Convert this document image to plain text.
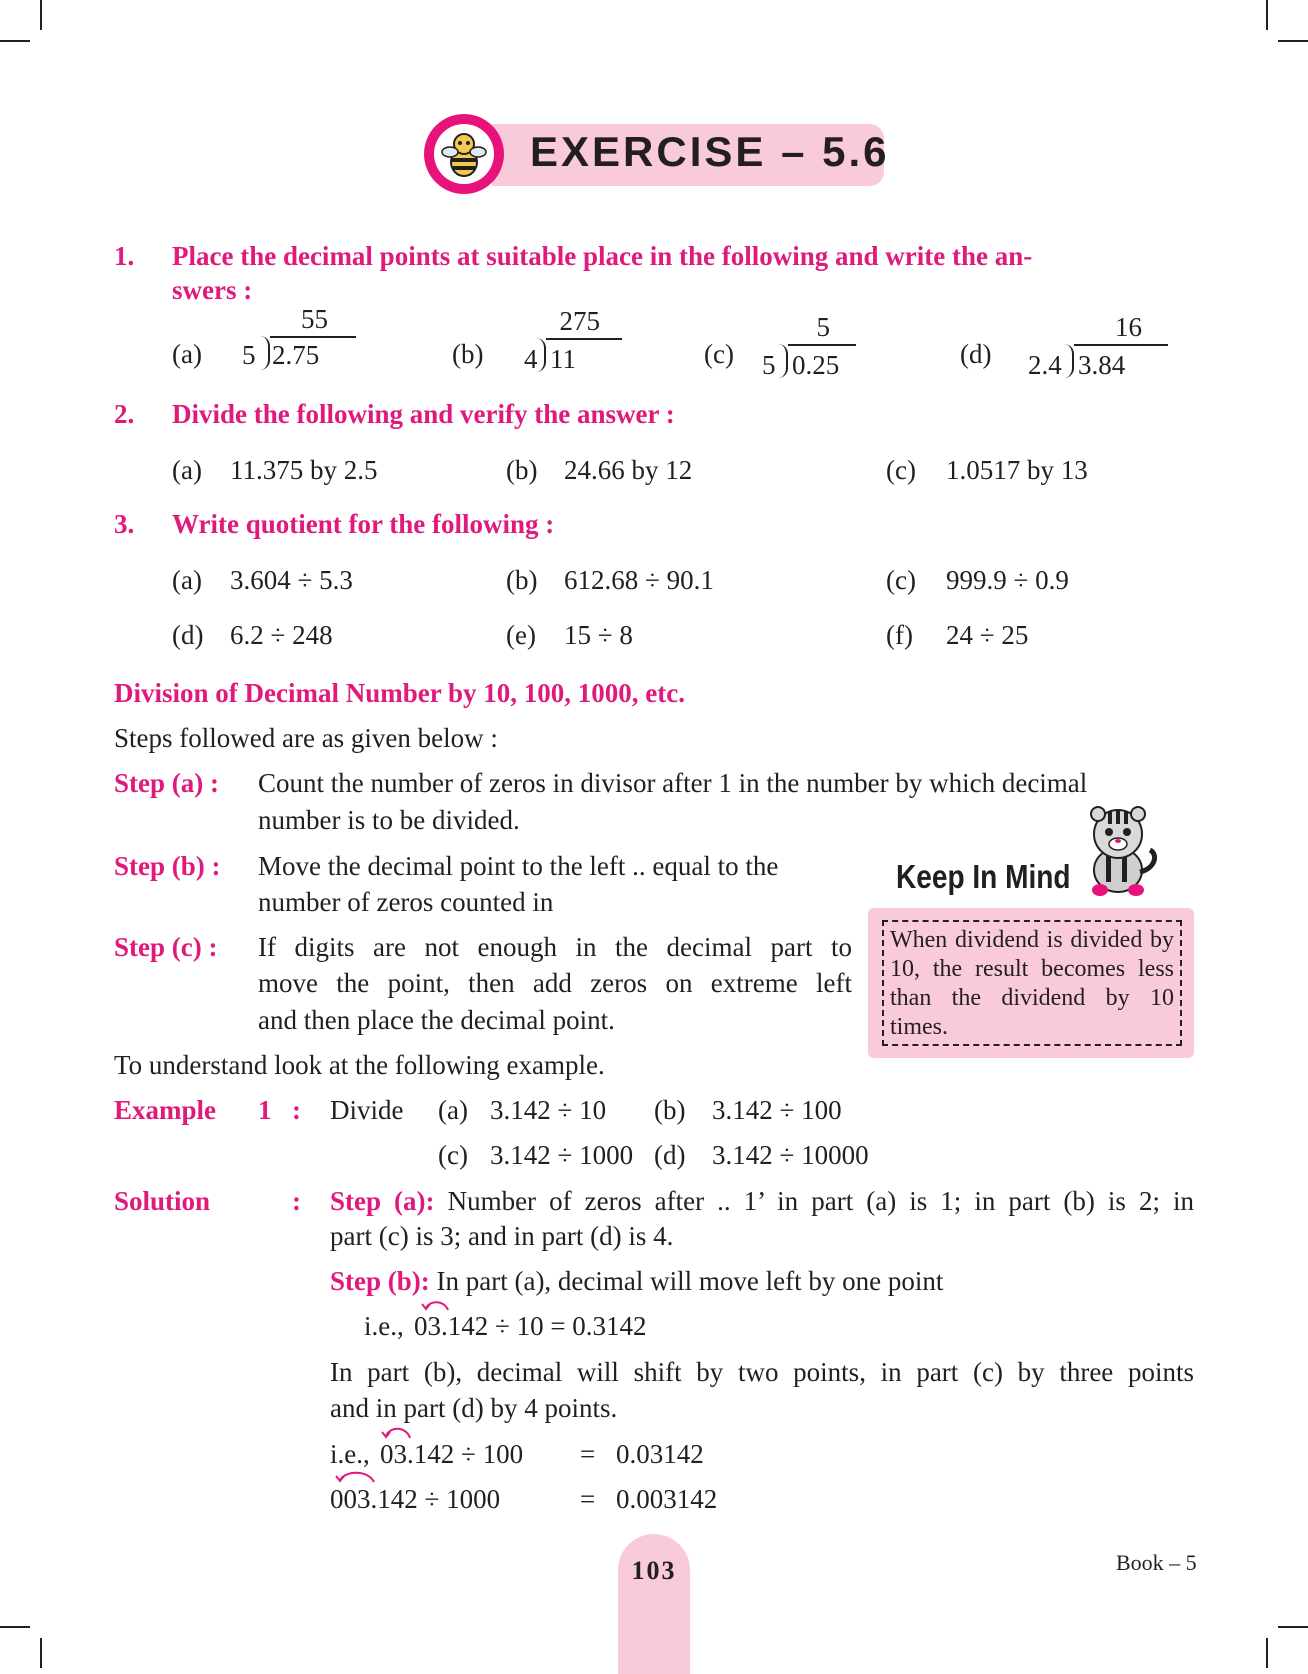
EXERCISE – 5.6
1. Place the decimal points at suitable place in the following and write the an-
swers :
(a)
55
5 2.75	(b)
275
4 11	(c)
5
5 0.25	(d)
16
2.4 3.84
2. Divide the following and verify the answer :
(a) 11.375 by 2.5	(b) 24.66 by 12	(c) 1.0517 by 13
3. Write quotient for the following :
(a) 3.604 ÷ 5.3	(b) 612.68 ÷ 90.1	(c) 999.9 ÷ 0.9
(d) 6.2 ÷ 248	(e) 15 ÷ 8	(f) 24 ÷ 25
Division of Decimal Number by 10, 100, 1000, etc.
Steps followed are as given below :
Step (a) : Count the number of zeros in divisor after 1 in the number by which decimal
number is to be divided.
Step (b) : Move the decimal point to the left .. equal to the
number of zeros counted in
Step (c) : If digits are not enough in the decimal part to
move the point, then add zeros on extreme left
and then place the decimal point.
To understand look at the following example.
Keep In Mind
When dividend is divided by 10, the result becomes less than the dividend by 10 times.
Example 1 : Divide (a) 3.142 ÷ 10 (b) 3.142 ÷ 100
(c) 3.142 ÷ 1000 (d) 3.142 ÷ 10000
Solution	: Step (a): Number of zeros after .. 1’ in part (a) is 1; in part (b) is 2; in
part (c) is 3; and in part (d) is 4.
Step (b): In part (a), decimal will move left by one point
i.e., 03.142 ÷ 10 = 0.3142
In part (b), decimal will shift by two points, in part (c) by three points
and in part (d) by 4 points.
i.e., 03.142 ÷ 100 = 0.03142
003.142 ÷ 1000	= 0.003142
103	Book – 5
